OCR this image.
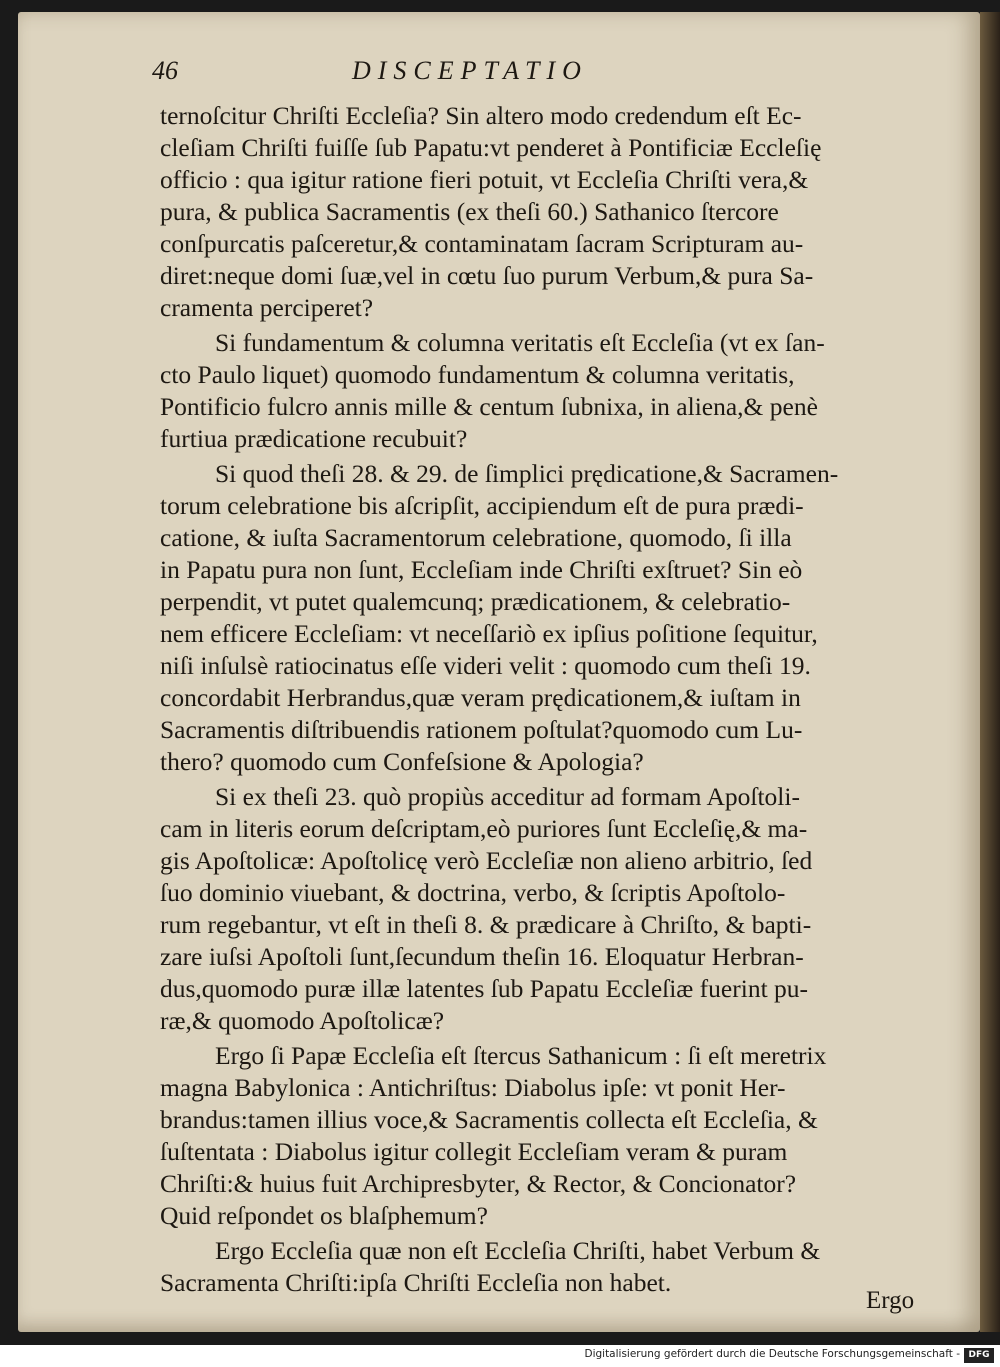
46	DISCEPTATIO
ternoſcitur Chriſti Eccleſia? Sin altero modo credendum eſt Ec-
cleſiam Chriſti fuiſſe ſub Papatu:vt penderet à Pontificiæ Eccleſię
officio : qua igitur ratione fieri potuit, vt Eccleſia Chriſti vera,&
pura, & publica Sacramentis (ex theſi 60.) Sathanico ſtercore
conſpurcatis paſceretur,& contaminatam ſacram Scripturam au-
diret:neque domi ſuæ,vel in cœtu ſuo purum Verbum,& pura Sa-
cramenta perciperet?
Si fundamentum & columna veritatis eſt Eccleſia (vt ex ſan-
cto Paulo liquet) quomodo fundamentum & columna veritatis,
Pontificio fulcro annis mille & centum ſubnixa, in aliena,& penè
furtiua prædicatione recubuit?
Si quod theſi 28. & 29. de ſimplici prędicatione,& Sacramen-
torum celebratione bis aſcripſit, accipiendum eſt de pura prædi-
catione, & iuſta Sacramentorum celebratione, quomodo, ſi illa
in Papatu pura non ſunt, Eccleſiam inde Chriſti exſtruet? Sin eò
perpendit, vt putet qualemcunq; prædicationem, & celebratio-
nem efficere Eccleſiam: vt neceſſariò ex ipſius poſitione ſequitur,
niſi inſulsè ratiocinatus eſſe videri velit : quomodo cum theſi 19.
concordabit Herbrandus,quæ veram prędicationem,& iuſtam in
Sacramentis diſtribuendis rationem poſtulat?quomodo cum Lu-
thero? quomodo cum Confeſsione & Apologia?
Si ex theſi 23. quò propiùs acceditur ad formam Apoſtoli-
cam in literis eorum deſcriptam,eò puriores ſunt Eccleſię,& ma-
gis Apoſtolicæ: Apoſtolicę verò Eccleſiæ non alieno arbitrio, ſed
ſuo dominio viuebant, & doctrina, verbo, & ſcriptis Apoſtolo-
rum regebantur, vt eſt in theſi 8. & prædicare à Chriſto, & bapti-
zare iuſsi Apoſtoli ſunt,ſecundum theſin 16. Eloquatur Herbran-
dus,quomodo puræ illæ latentes ſub Papatu Eccleſiæ fuerint pu-
ræ,& quomodo Apoſtolicæ?
Ergo ſi Papæ Eccleſia eſt ſtercus Sathanicum : ſi eſt meretrix
magna Babylonica : Antichriſtus: Diabolus ipſe: vt ponit Her-
brandus:tamen illius voce,& Sacramentis collecta eſt Eccleſia, &
ſuſtentata : Diabolus igitur collegit Eccleſiam veram & puram
Chriſti:& huius fuit Archipresbyter, & Rector, & Concionator?
Quid reſpondet os blaſphemum?
Ergo Eccleſia quæ non eſt Eccleſia Chriſti, habet Verbum &
Sacramenta Chriſti:ipſa Chriſti Eccleſia non habet.
Ergo
Digitalisierung gefördert durch die Deutsche Forschungsgemeinschaft - DFG
